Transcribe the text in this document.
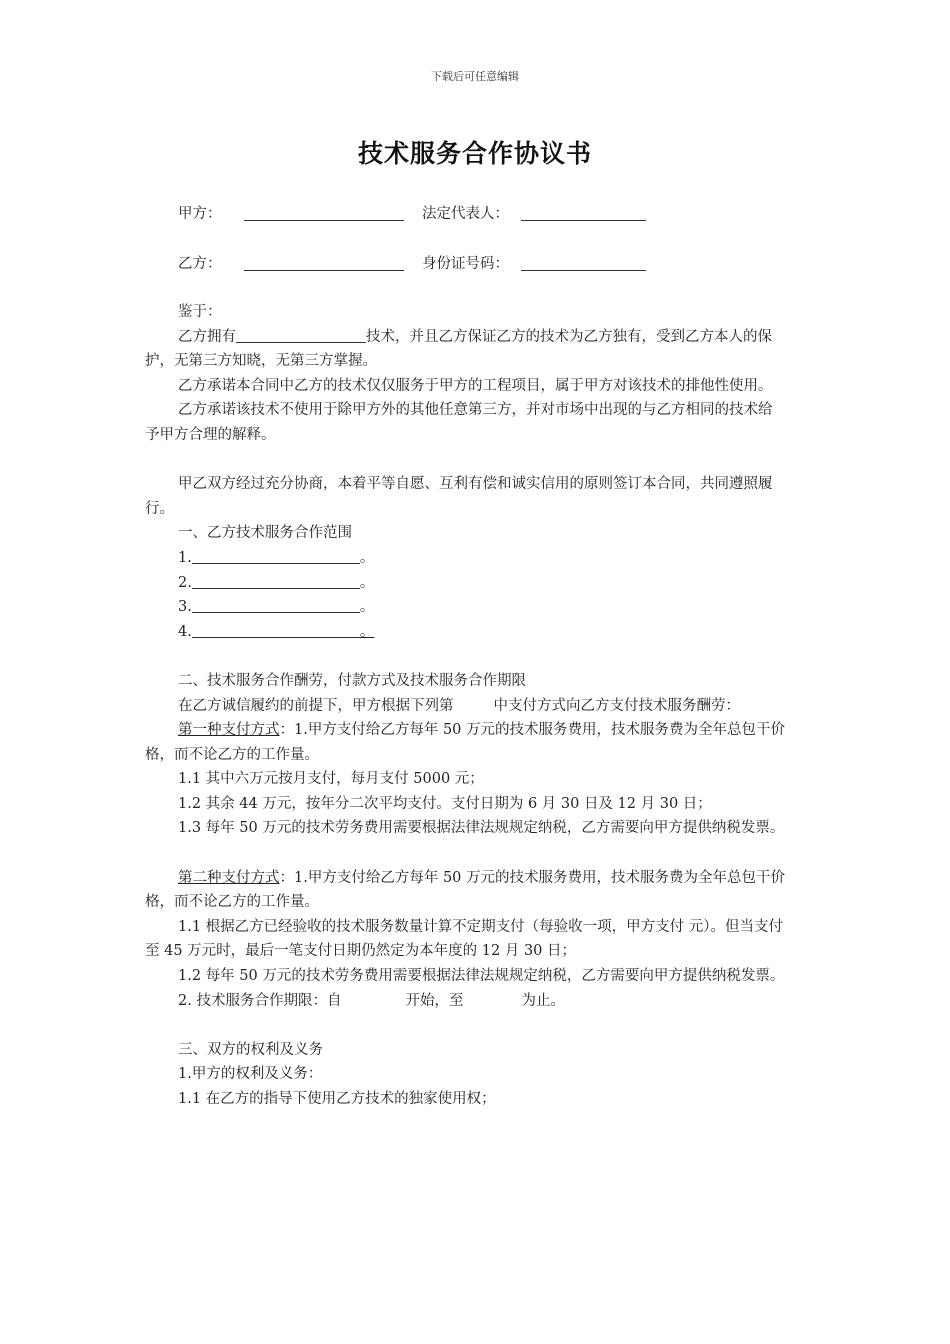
下载后可任意编辑
技术服务合作协议书
甲方：	法定代表人：
乙方：	身份证号码：

鉴于：

乙方拥有	技术，并且乙方保证乙方的技术为乙方独有，受到乙方本人的保护，无第三方知晓，无第三方掌握。

乙方承诺本合同中乙方的技术仅仅服务于甲方的工程项目，属于甲方对该技术的排他性使用。

乙方承诺该技术不使用于除甲方外的其他任意第三方，并对市场中出现的与乙方相同的技术给予甲方合理的解释。

甲乙双方经过充分协商，本着平等自愿、互利有偿和诚实信用的原则签订本合同，共同遵照履行。

一、乙方技术服务合作范围

1.	。

2.	。

3.	。

4.	。

二、技术服务合作酬劳，付款方式及技术服务合作期限

在乙方诚信履约的前提下，甲方根据下列第	中支付方式向乙方支付技术服务酬劳：

第一种支付方式：1.甲方支付给乙方每年 50 万元的技术服务费用，技术服务费为全年总包干价格，而不论乙方的工作量。

1.1 其中六万元按月支付，每月支付 5000 元；

1.2 其余 44 万元，按年分二次平均支付。支付日期为 6 月 30 日及 12 月 30 日；

1.3 每年 50 万元的技术劳务费用需要根据法律法规规定纳税，乙方需要向甲方提供纳税发票。

第二种支付方式：1.甲方支付给乙方每年 50 万元的技术服务费用，技术服务费为全年总包干价格，而不论乙方的工作量。

1.1 根据乙方已经验收的技术服务数量计算不定期支付（每验收一项，甲方支付 元）。但当支付至 45 万元时，最后一笔支付日期仍然定为本年度的 12 月 30 日；

1.2 每年 50 万元的技术劳务费用需要根据法律法规规定纳税，乙方需要向甲方提供纳税发票。

2. 技术服务合作期限：自	开始，至	为止。

三、双方的权利及义务

1.甲方的权利及义务：

1.1 在乙方的指导下使用乙方技术的独家使用权；
